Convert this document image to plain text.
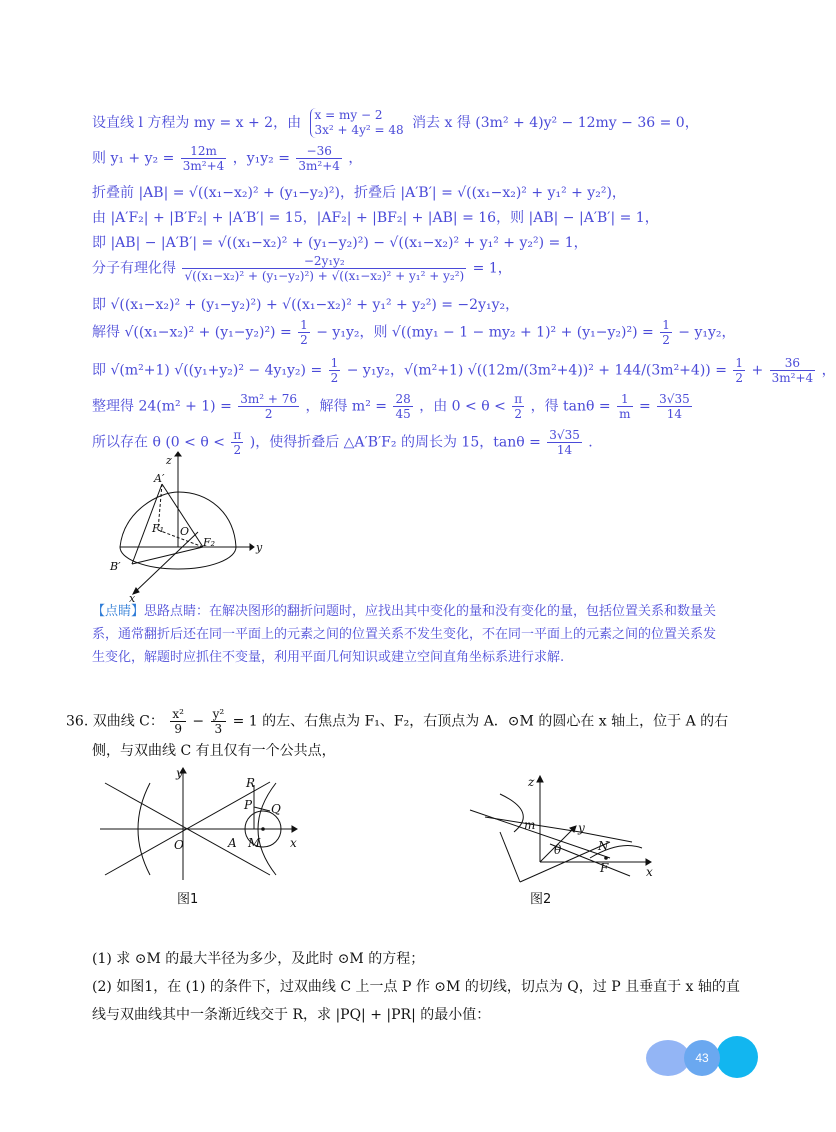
设直线 l 方程为 my = x + 2，由 x = my − 2
3x² + 4y² = 48 消去 x 得 (3m² + 4)y² − 12my − 36 = 0，
则 $y_1 + y_2 = \frac{12m}{\text{3m²+4}}$ ，$y_1y_2 = \frac{-36}{\text{3m²+4}}$ ，
折叠前 |AB| = √((x₁−x₂)² + (y₁−y₂)²)，折叠后 |A′B′| = √((x₁−x₂)² + y₁² + y₂²)，
由 |A′F₂| + |B′F₂| + |A′B′| = 15，|AF₂| + |BF₂| + |AB| = 16，则 |AB| − |A′B′| = 1，
即 |AB| − |A′B′| = √((x₁−x₂)² + (y₁−y₂)²) − √((x₁−x₂)² + y₁² + y₂²) = 1，
分子有理化得 $\frac{\text{−2y₁y₂}}{\text{√((x₁−x₂)² + (y₁−y₂)²) + √((x₁−x₂)² + y₁² + y₂²)}} = 1$，
即 √((x₁−x₂)² + (y₁−y₂)²) + √((x₁−x₂)² + y₁² + y₂²) = −2y₁y₂，
解得 $√((x_1-x_2)^2 + (y_1-y_2)^2) = \frac{1}{2} - y_1y_2$，则 $√((my_1 - 1 - my_2 + 1)^2 + (y_1-y_2)^2) = \frac{1}{2} - y_1y_2$，
即 √(m²+1) $√((y_1+y_2)^2 - 4y_1y_2) = \frac{1}{2} - y_1y_2$，√(m²+1) $√((12m/(3m^2+4))^2 + 144/(3m^2+4)) = \frac{1}{2} + \frac{36}{\text{3m²+4}}$ ，
整理得 $24(m^2 + 1) = \frac{\text{3m² + 76}}{2}$ ，解得 $m^2 = \frac{28}{45}$ ，由 $0 < \theta < \frac{\pi}{2}$ ，得 $\tan\theta = \frac{1}{m} = \frac{3√35}{14}$
所以存在 θ ($0 < \theta < \frac{\pi}{2}$ )，使得折叠后 △A′B′F₂ 的周长为 15，$\tan\theta = \frac{3√35}{14}$ .
z
A′
F₁ O
F₂	y
B′
x
【点睛】思路点睛：在解决图形的翻折问题时，应找出其中变化的量和没有变化的量，包括位置关系和数量关系，通常翻折后还在同一平面上的元素之间的位置关系不发生变化，不在同一平面上的元素之间的位置关系发生变化，解题时应抓住不变量，利用平面几何知识或建立空间直角坐标系进行求解.
36. 双曲线 C： $\frac{\text{x²}}{9} - \frac{\text{y²}}{3} = 1$ 的左、右焦点为 F₁、F₂，右顶点为 A．⊙M 的圆心在 x 轴上，位于 A 的右
侧，与双曲线 C 有且仅有一个公共点，
y
R
P Q
O	A M x
图1
z
y
m
θ	N
F	x
图2
(1) 求 ⊙M 的最大半径为多少，及此时 ⊙M 的方程；
(2) 如图1，在 (1) 的条件下，过双曲线 C 上一点 P 作 ⊙M 的切线，切点为 Q，过 P 且垂直于 x 轴的直
线与双曲线其中一条渐近线交于 R，求 |PQ| + |PR| 的最小值：
43
